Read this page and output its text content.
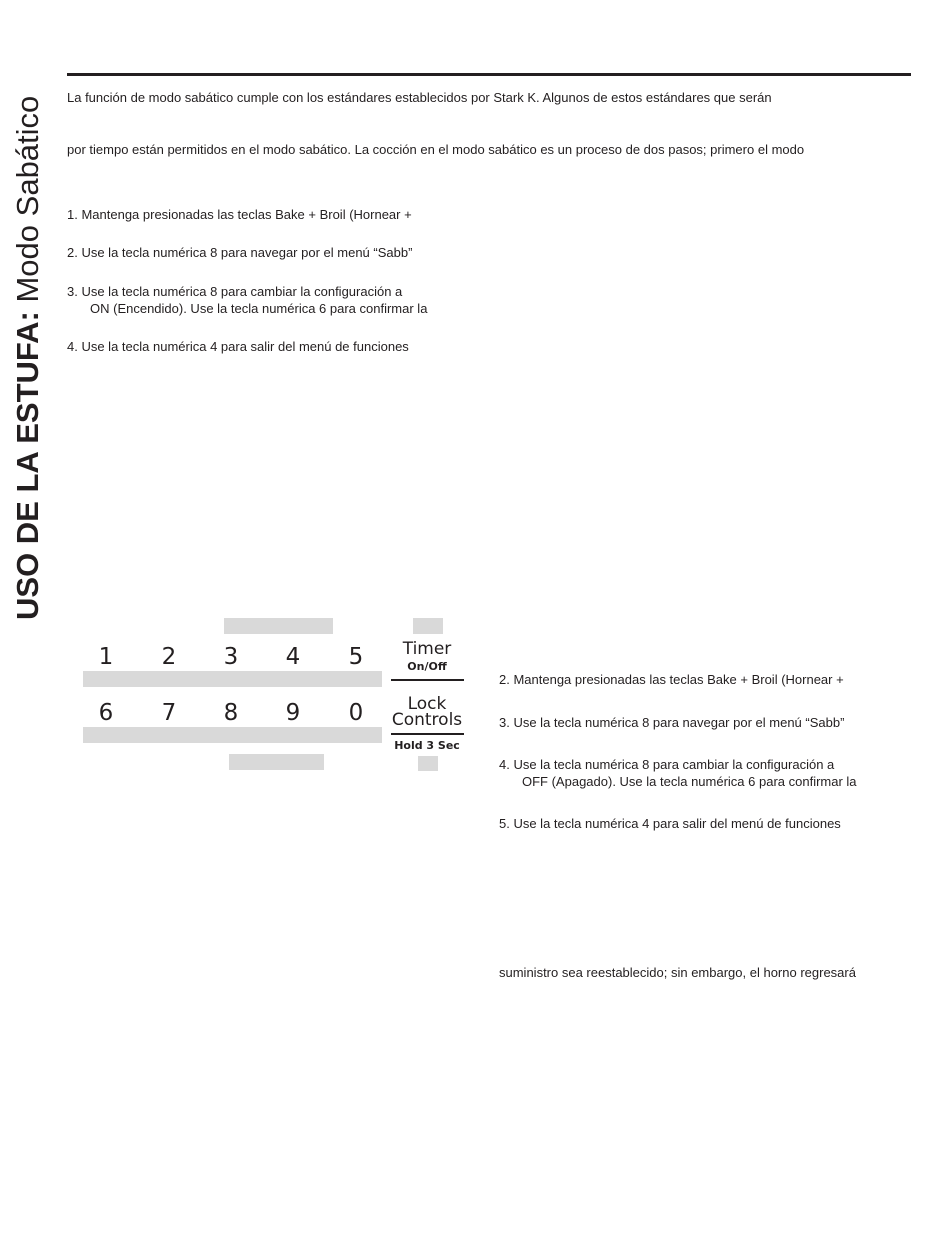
USO DE LA ESTUFA: Modo Sabático La función de modo sabático cumple con los estándares establecidos por Stark K. Algunos de estos estándares que serán
por tiempo están permitidos en el modo sabático. La cocción en el modo sabático es un proceso de dos pasos; primero el modo
1. Mantenga presionadas las teclas Bake + Broil (Hornear +
2. Use la tecla numérica 8 para navegar por el menú “Sabb”
3. Use la tecla numérica 8 para cambiar la configuración a
ON (Encendido). Use la tecla numérica 6 para confirmar la
4. Use la tecla numérica 4 para salir del menú de funciones
1	2	3	4	5	Timer
On/Off
6	7	8	9	0	Lock
Controls
Hold 3 Sec
2. Mantenga presionadas las teclas Bake + Broil (Hornear +
3. Use la tecla numérica 8 para navegar por el menú “Sabb”
4. Use la tecla numérica 8 para cambiar la configuración a
OFF (Apagado). Use la tecla numérica 6 para confirmar la
5. Use la tecla numérica 4 para salir del menú de funciones
suministro sea reestablecido; sin embargo, el horno regresará
